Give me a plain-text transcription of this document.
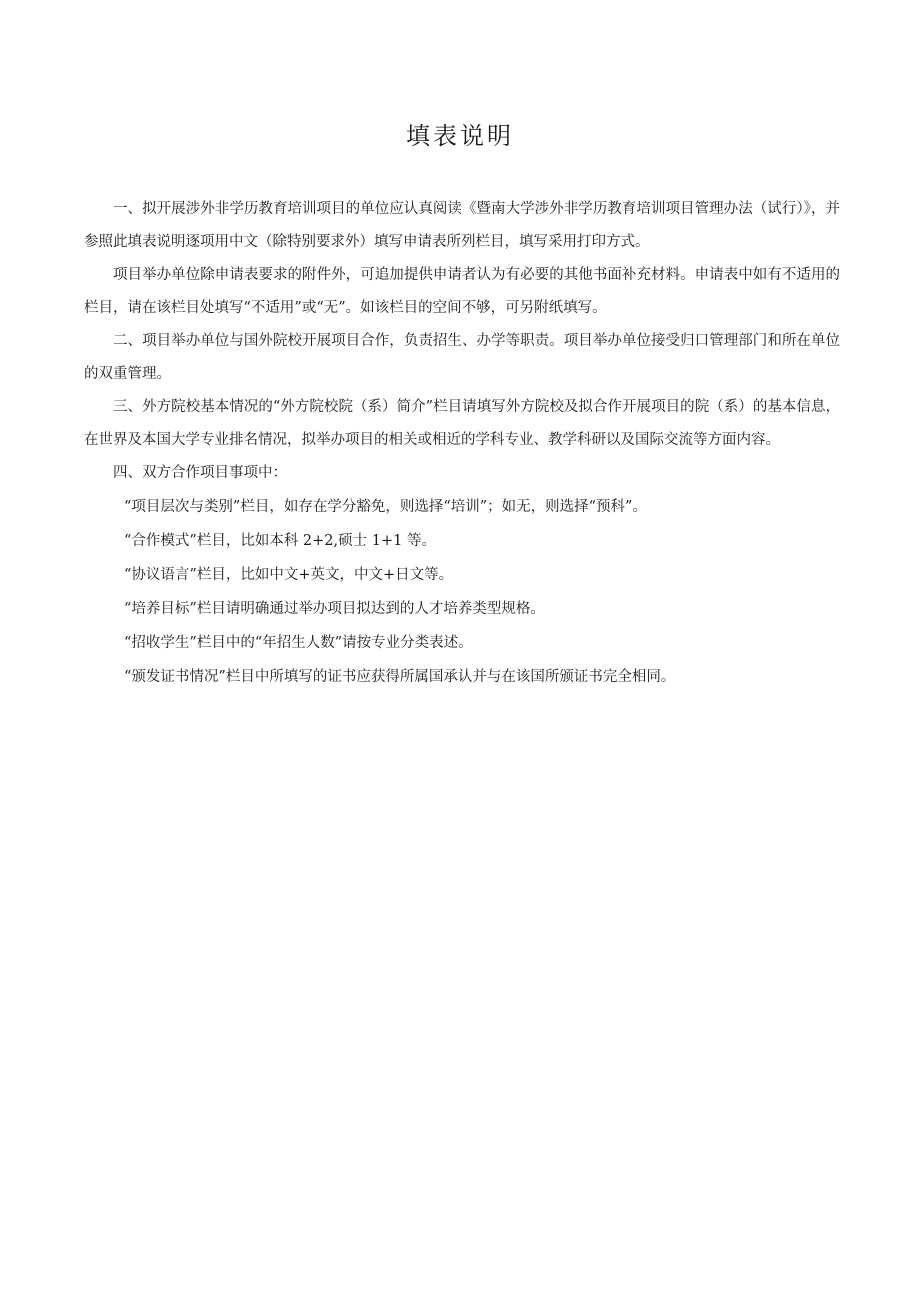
填表说明

一、拟开展涉外非学历教育培训项目的单位应认真阅读《暨南大学涉外非学历教育培训项目管理办法（试行）》，并参照此填表说明逐项用中文（除特别要求外）填写申请表所列栏目，填写采用打印方式。

项目举办单位除申请表要求的附件外，可追加提供申请者认为有必要的其他书面补充材料。申请表中如有不适用的栏目，请在该栏目处填写“不适用”或“无”。如该栏目的空间不够，可另附纸填写。

二、项目举办单位与国外院校开展项目合作，负责招生、办学等职责。项目举办单位接受归口管理部门和所在单位的双重管理。

三、外方院校基本情况的“外方院校院（系）简介”栏目请填写外方院校及拟合作开展项目的院（系）的基本信息，在世界及本国大学专业排名情况，拟举办项目的相关或相近的学科专业、教学科研以及国际交流等方面内容。

四、双方合作项目事项中：

“项目层次与类别”栏目，如存在学分豁免，则选择“培训”；如无，则选择“预科”。

“合作模式”栏目，比如本科 2+2,硕士 1+1 等。

“协议语言”栏目，比如中文+英文，中文+日文等。

“培养目标”栏目请明确通过举办项目拟达到的人才培养类型规格。

“招收学生”栏目中的“年招生人数”请按专业分类表述。

“颁发证书情况”栏目中所填写的证书应获得所属国承认并与在该国所颁证书完全相同。
